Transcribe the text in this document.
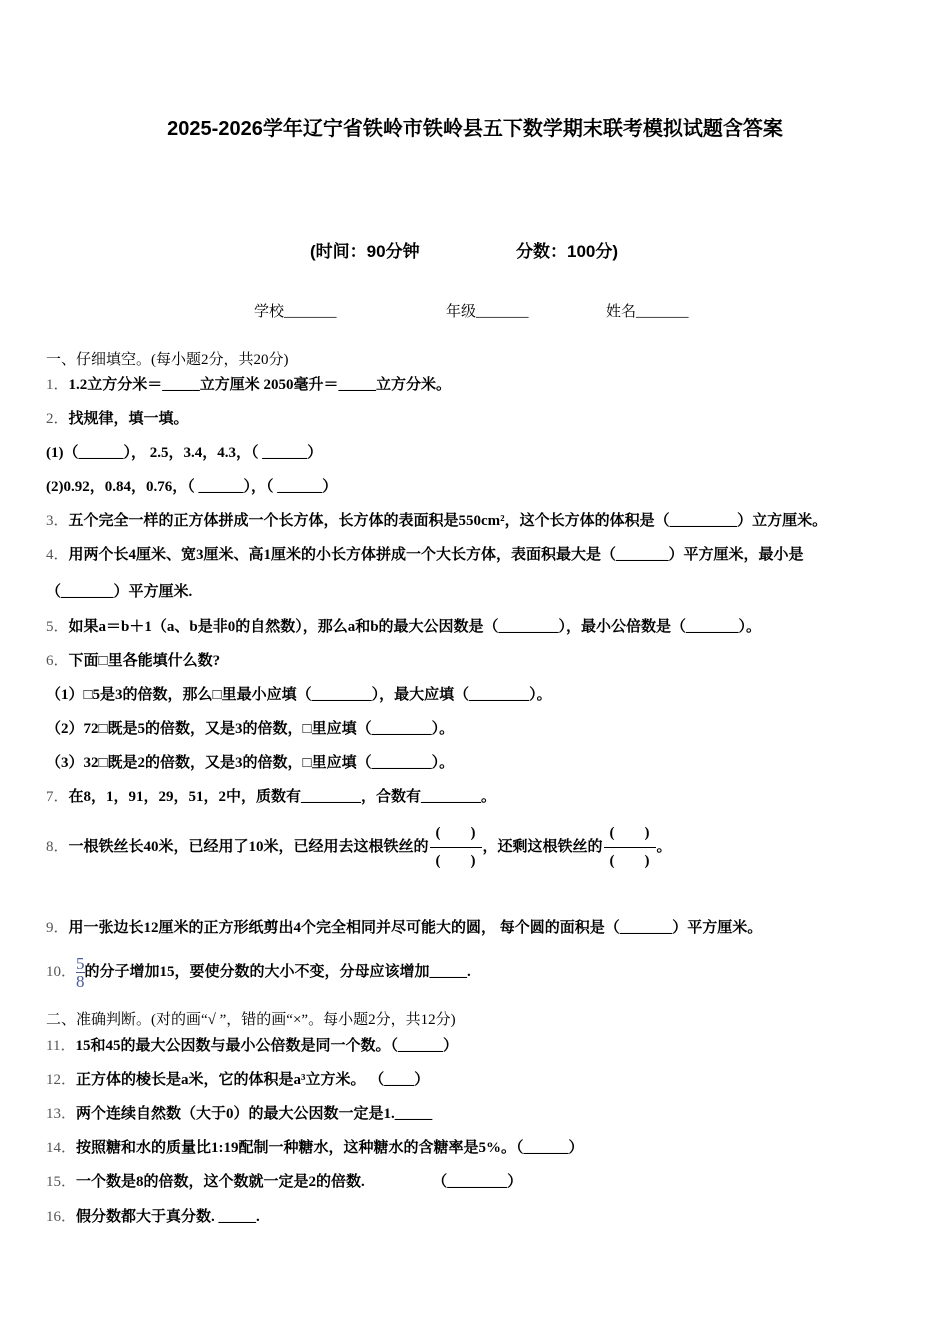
2025-2026学年辽宁省铁岭市铁岭县五下数学期末联考模拟试题含答案
(时间：90分钟	分数：100分)
学校_______	年级_______	姓名_______
一、仔细填空。(每小题2分，共20分)
1．1.2立方分米＝_____立方厘米 2050毫升＝_____立方分米。
2．找规律，填一填。
(1)（______）， 2.5，3.4，4.3，（ ______）
(2)0.92，0.84，0.76，（ ______），（ ______）
3．五个完全一样的正方体拼成一个长方体，长方体的表面积是550cm²，这个长方体的体积是（_________）立方厘米。
4．用两个长4厘米、宽3厘米、高1厘米的小长方体拼成一个大长方体，表面积最大是（_______）平方厘米，最小是
（_______）平方厘米.
5．如果a＝b＋1（a、b是非0的自然数），那么a和b的最大公因数是（________），最小公倍数是（_______）。
6．下面□里各能填什么数?
（1）□5是3的倍数，那么□里最小应填（________），最大应填（________）。
（2）72□既是5的倍数，又是3的倍数，□里应填（________）。
（3）32□既是2的倍数，又是3的倍数，□里应填（________）。
7．在8，1，91，29，51，2中，质数有________，合数有________。
8．一根铁丝长40米，已经用了10米，已经用去这根铁丝的 $\frac{( )}{( )}$ ，还剩这根铁丝的 $\frac{( )}{( )}$ 。
9．用一张边长12厘米的正方形纸剪出4个完全相同并尽可能大的圆， 每个圆的面积是（_______）平方厘米。
10． $\frac{5}{8}$ 的分子增加15，要使分数的大小不变，分母应该增加_____.
二、准确判断。(对的画“√ ”，错的画“×”。每小题2分，共12分)
11．15和45的最大公因数与最小公倍数是同一个数。（______）
12．正方体的棱长是a米，它的体积是a³立方米。 （____）
13．两个连续自然数（大于0）的最大公因数一定是1._____
14．按照糖和水的质量比1:19配制一种糖水，这种糖水的含糖率是5%。（______）
15．一个数是8的倍数，这个数就一定是2的倍数.                  （________）
16．假分数都大于真分数. _____.
